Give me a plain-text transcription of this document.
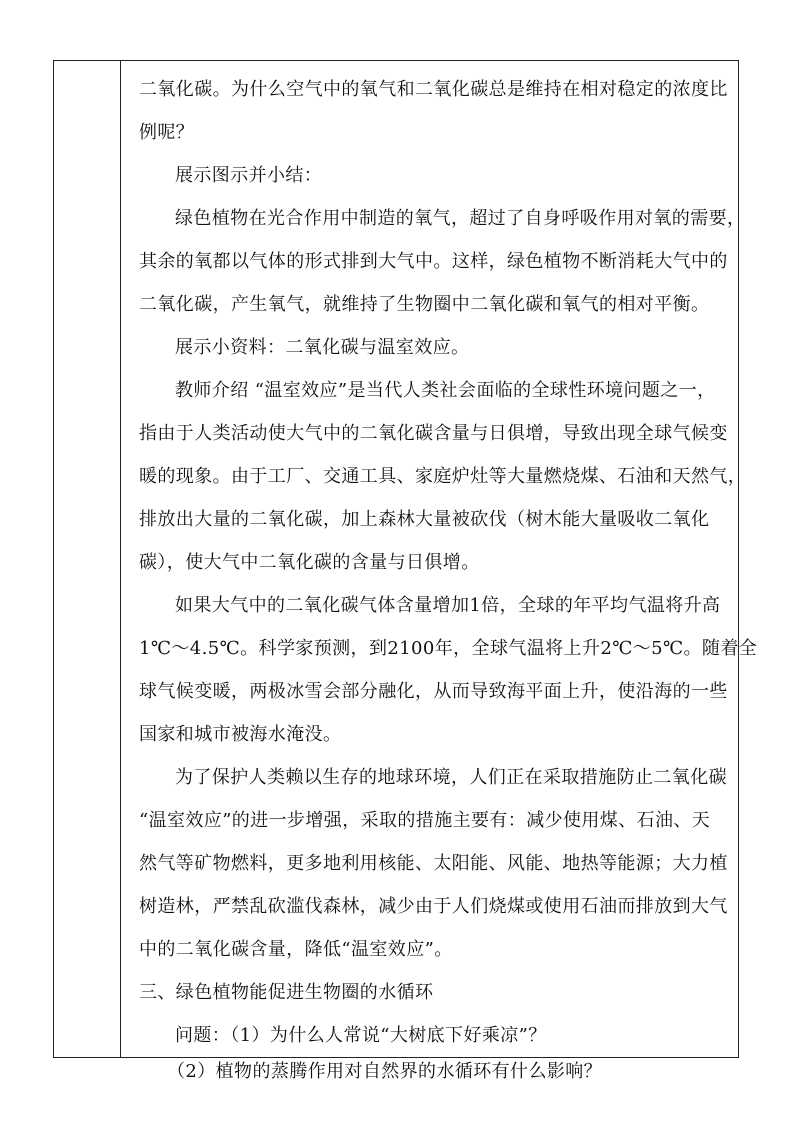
二氧化碳。为什么空气中的氧气和二氧化碳总是维持在相对稳定的浓度比
例呢？
展示图示并小结：
绿色植物在光合作用中制造的氧气，超过了自身呼吸作用对氧的需要，
其余的氧都以气体的形式排到大气中。这样，绿色植物不断消耗大气中的
二氧化碳，产生氧气，就维持了生物圈中二氧化碳和氧气的相对平衡。
展示小资料：二氧化碳与温室效应。
教师介绍 “温室效应”是当代人类社会面临的全球性环境问题之一，
指由于人类活动使大气中的二氧化碳含量与日俱增，导致出现全球气候变
暖的现象。由于工厂、交通工具、家庭炉灶等大量燃烧煤、石油和天然气，
排放出大量的二氧化碳，加上森林大量被砍伐（树木能大量吸收二氧化
碳），使大气中二氧化碳的含量与日俱增。
如果大气中的二氧化碳气体含量增加1倍，全球的年平均气温将升高
1℃～4.5℃。科学家预测，到2100年，全球气温将上升2℃～5℃。随着全
球气候变暖，两极冰雪会部分融化，从而导致海平面上升，使沿海的一些
国家和城市被海水淹没。
为了保护人类赖以生存的地球环境，人们正在采取措施防止二氧化碳
“温室效应”的进一步增强，采取的措施主要有：减少使用煤、石油、天
然气等矿物燃料，更多地利用核能、太阳能、风能、地热等能源；大力植
树造林，严禁乱砍滥伐森林，减少由于人们烧煤或使用石油而排放到大气
中的二氧化碳含量，降低“温室效应”。
三、绿色植物能促进生物圈的水循环
问题：（1）为什么人常说“大树底下好乘凉”？
（2）植物的蒸腾作用对自然界的水循环有什么影响？
